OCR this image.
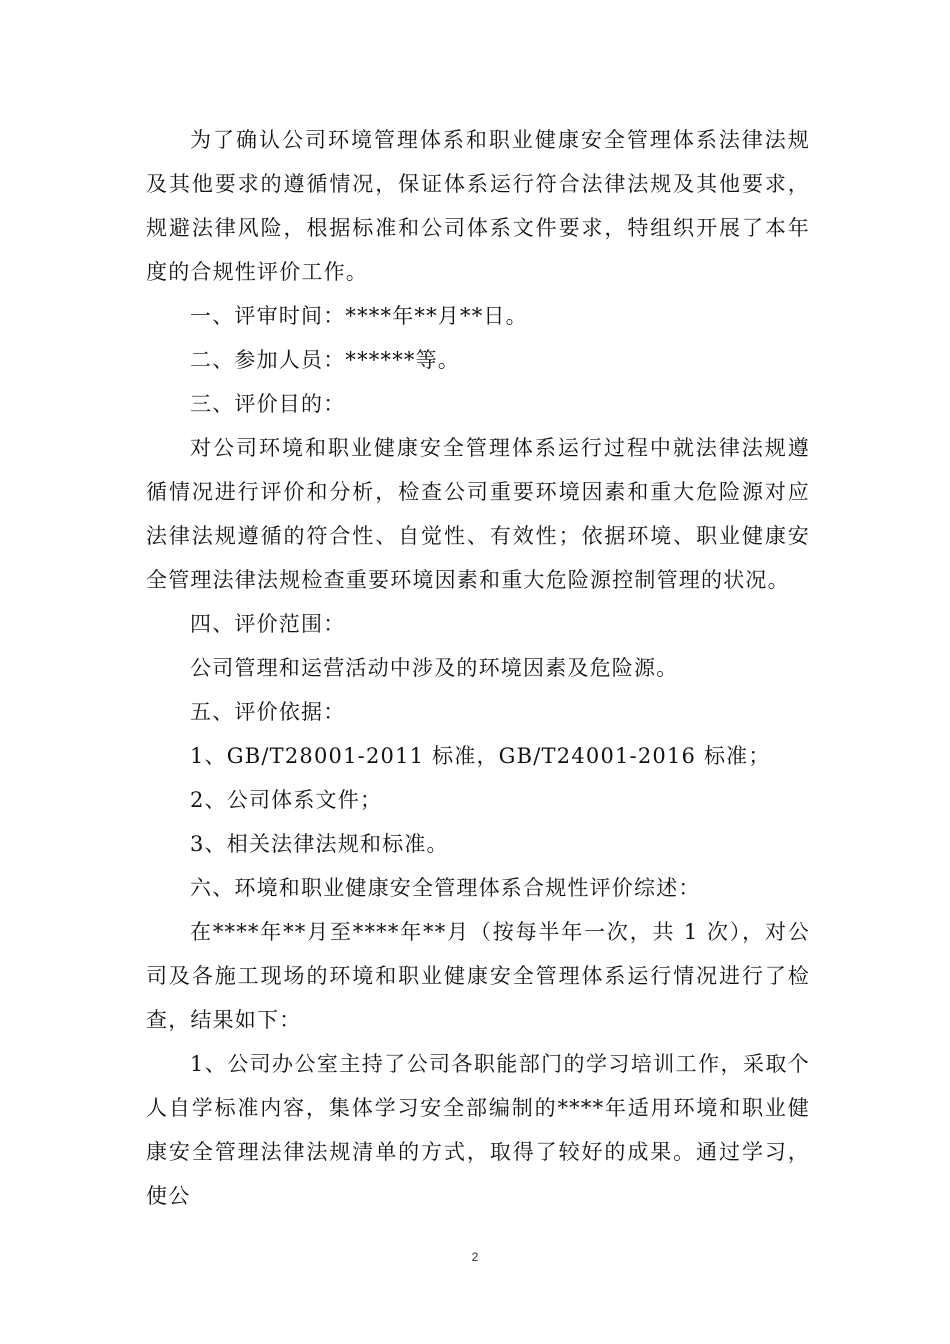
为了确认公司环境管理体系和职业健康安全管理体系法律法规及其他要求的遵循情况，保证体系运行符合法律法规及其他要求，规避法律风险，根据标准和公司体系文件要求，特组织开展了本年度的合规性评价工作。

一、评审时间：****年**月**日。

二、参加人员：******等。

三、评价目的：

对公司环境和职业健康安全管理体系运行过程中就法律法规遵循情况进行评价和分析，检查公司重要环境因素和重大危险源对应法律法规遵循的符合性、自觉性、有效性；依据环境、职业健康安全管理法律法规检查重要环境因素和重大危险源控制管理的状况。

四、评价范围：

公司管理和运营活动中涉及的环境因素及危险源。

五、评价依据：

1、GB/T28001-2011 标准，GB/T24001-2016 标准；

2、公司体系文件；

3、相关法律法规和标准。

六、环境和职业健康安全管理体系合规性评价综述：

在****年**月至****年**月（按每半年一次，共 1 次），对公司及各施工现场的环境和职业健康安全管理体系运行情况进行了检查，结果如下：

1、公司办公室主持了公司各职能部门的学习培训工作，采取个人自学标准内容，集体学习安全部编制的****年适用环境和职业健康安全管理法律法规清单的方式，取得了较好的成果。通过学习，使公

2
